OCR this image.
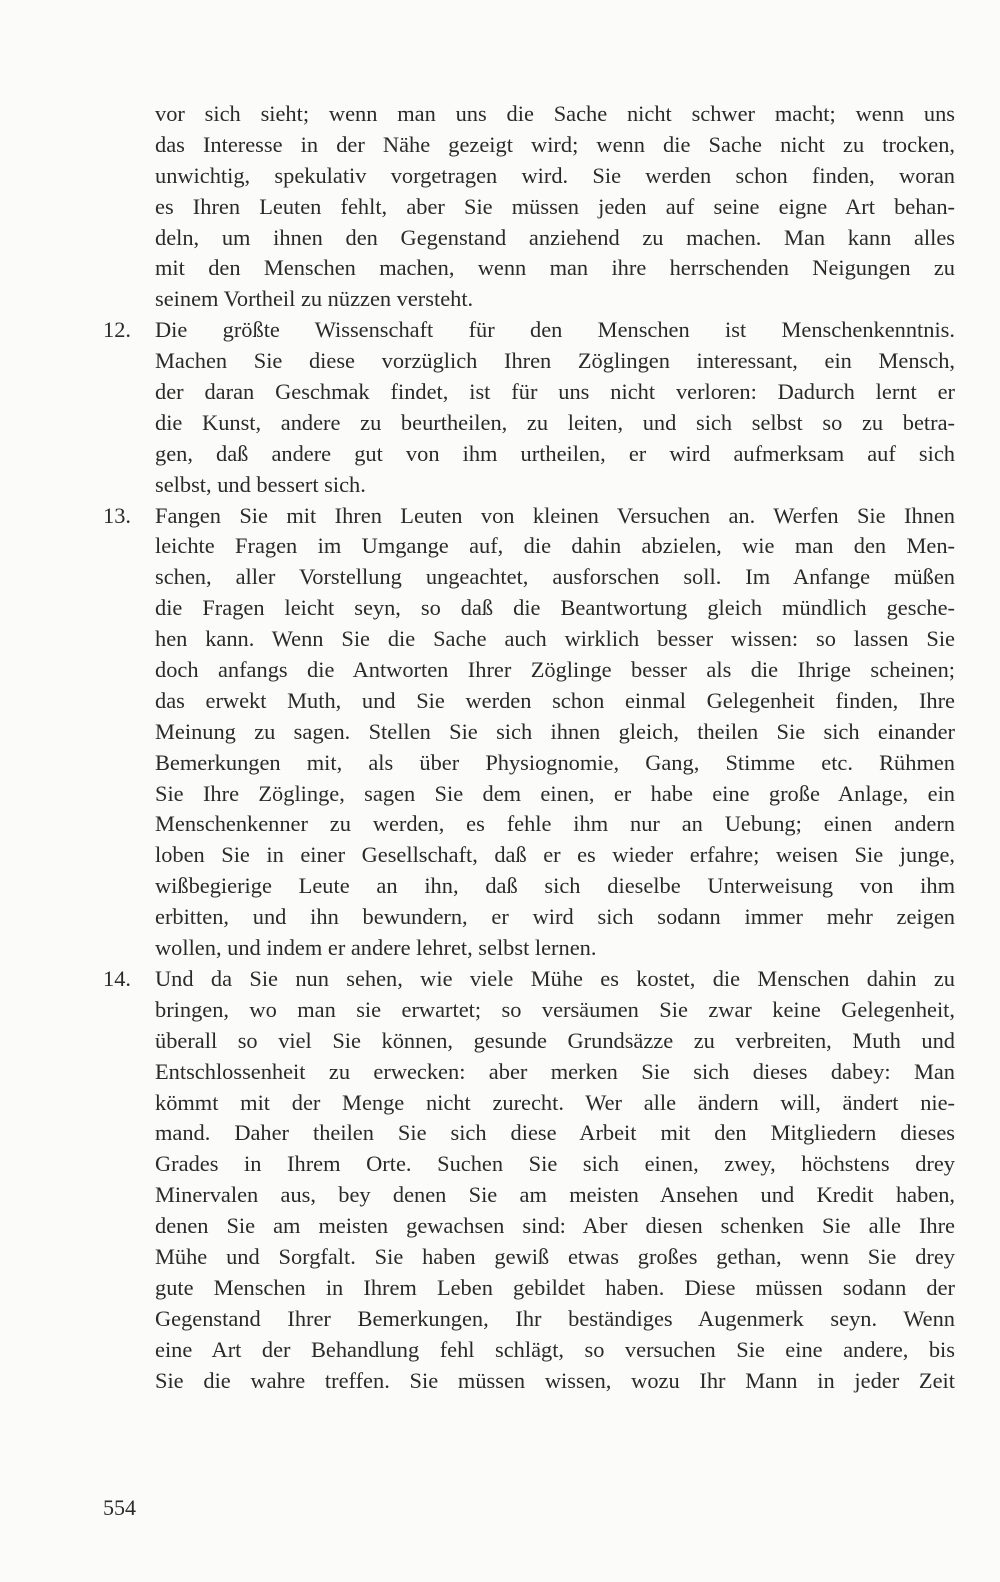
vor sich sieht; wenn man uns die Sache nicht schwer macht; wenn uns
das Interesse in der Nähe gezeigt wird; wenn die Sache nicht zu trocken,
unwichtig, spekulativ vorgetragen wird. Sie werden schon finden, woran
es Ihren Leuten fehlt, aber Sie müssen jeden auf seine eigne Art behan-
deln, um ihnen den Gegenstand anziehend zu machen. Man kann alles
mit den Menschen machen, wenn man ihre herrschenden Neigungen zu
seinem Vortheil zu nüzzen versteht.
12.	Die größte Wissenschaft für den Menschen ist Menschenkenntnis.
Machen Sie diese vorzüglich Ihren Zöglingen interessant, ein Mensch,
der daran Geschmak findet, ist für uns nicht verloren: Dadurch lernt er
die Kunst, andere zu beurtheilen, zu leiten, und sich selbst so zu betra-
gen, daß andere gut von ihm urtheilen, er wird aufmerksam auf sich
selbst, und bessert sich.
13.	Fangen Sie mit Ihren Leuten von kleinen Versuchen an. Werfen Sie Ihnen
leichte Fragen im Umgange auf, die dahin abzielen, wie man den Men-
schen, aller Vorstellung ungeachtet, ausforschen soll. Im Anfange müßen
die Fragen leicht seyn, so daß die Beantwortung gleich mündlich gesche-
hen kann. Wenn Sie die Sache auch wirklich besser wissen: so lassen Sie
doch anfangs die Antworten Ihrer Zöglinge besser als die Ihrige scheinen;
das erwekt Muth, und Sie werden schon einmal Gelegenheit finden, Ihre
Meinung zu sagen. Stellen Sie sich ihnen gleich, theilen Sie sich einander
Bemerkungen mit, als über Physiognomie, Gang, Stimme etc. Rühmen
Sie Ihre Zöglinge, sagen Sie dem einen, er habe eine große Anlage, ein
Menschenkenner zu werden, es fehle ihm nur an Uebung; einen andern
loben Sie in einer Gesellschaft, daß er es wieder erfahre; weisen Sie junge,
wißbegierige Leute an ihn, daß sich dieselbe Unterweisung von ihm
erbitten, und ihn bewundern, er wird sich sodann immer mehr zeigen
wollen, und indem er andere lehret, selbst lernen.
14.	Und da Sie nun sehen, wie viele Mühe es kostet, die Menschen dahin zu
bringen, wo man sie erwartet; so versäumen Sie zwar keine Gelegenheit,
überall so viel Sie können, gesunde Grundsäzze zu verbreiten, Muth und
Entschlossenheit zu erwecken: aber merken Sie sich dieses dabey: Man
kömmt mit der Menge nicht zurecht. Wer alle ändern will, ändert nie-
mand. Daher theilen Sie sich diese Arbeit mit den Mitgliedern dieses
Grades in Ihrem Orte. Suchen Sie sich einen, zwey, höchstens drey
Minervalen aus, bey denen Sie am meisten Ansehen und Kredit haben,
denen Sie am meisten gewachsen sind: Aber diesen schenken Sie alle Ihre
Mühe und Sorgfalt. Sie haben gewiß etwas großes gethan, wenn Sie drey
gute Menschen in Ihrem Leben gebildet haben. Diese müssen sodann der
Gegenstand Ihrer Bemerkungen, Ihr beständiges Augenmerk seyn. Wenn
eine Art der Behandlung fehl schlägt, so versuchen Sie eine andere, bis
Sie die wahre treffen. Sie müssen wissen, wozu Ihr Mann in jeder Zeit
554
